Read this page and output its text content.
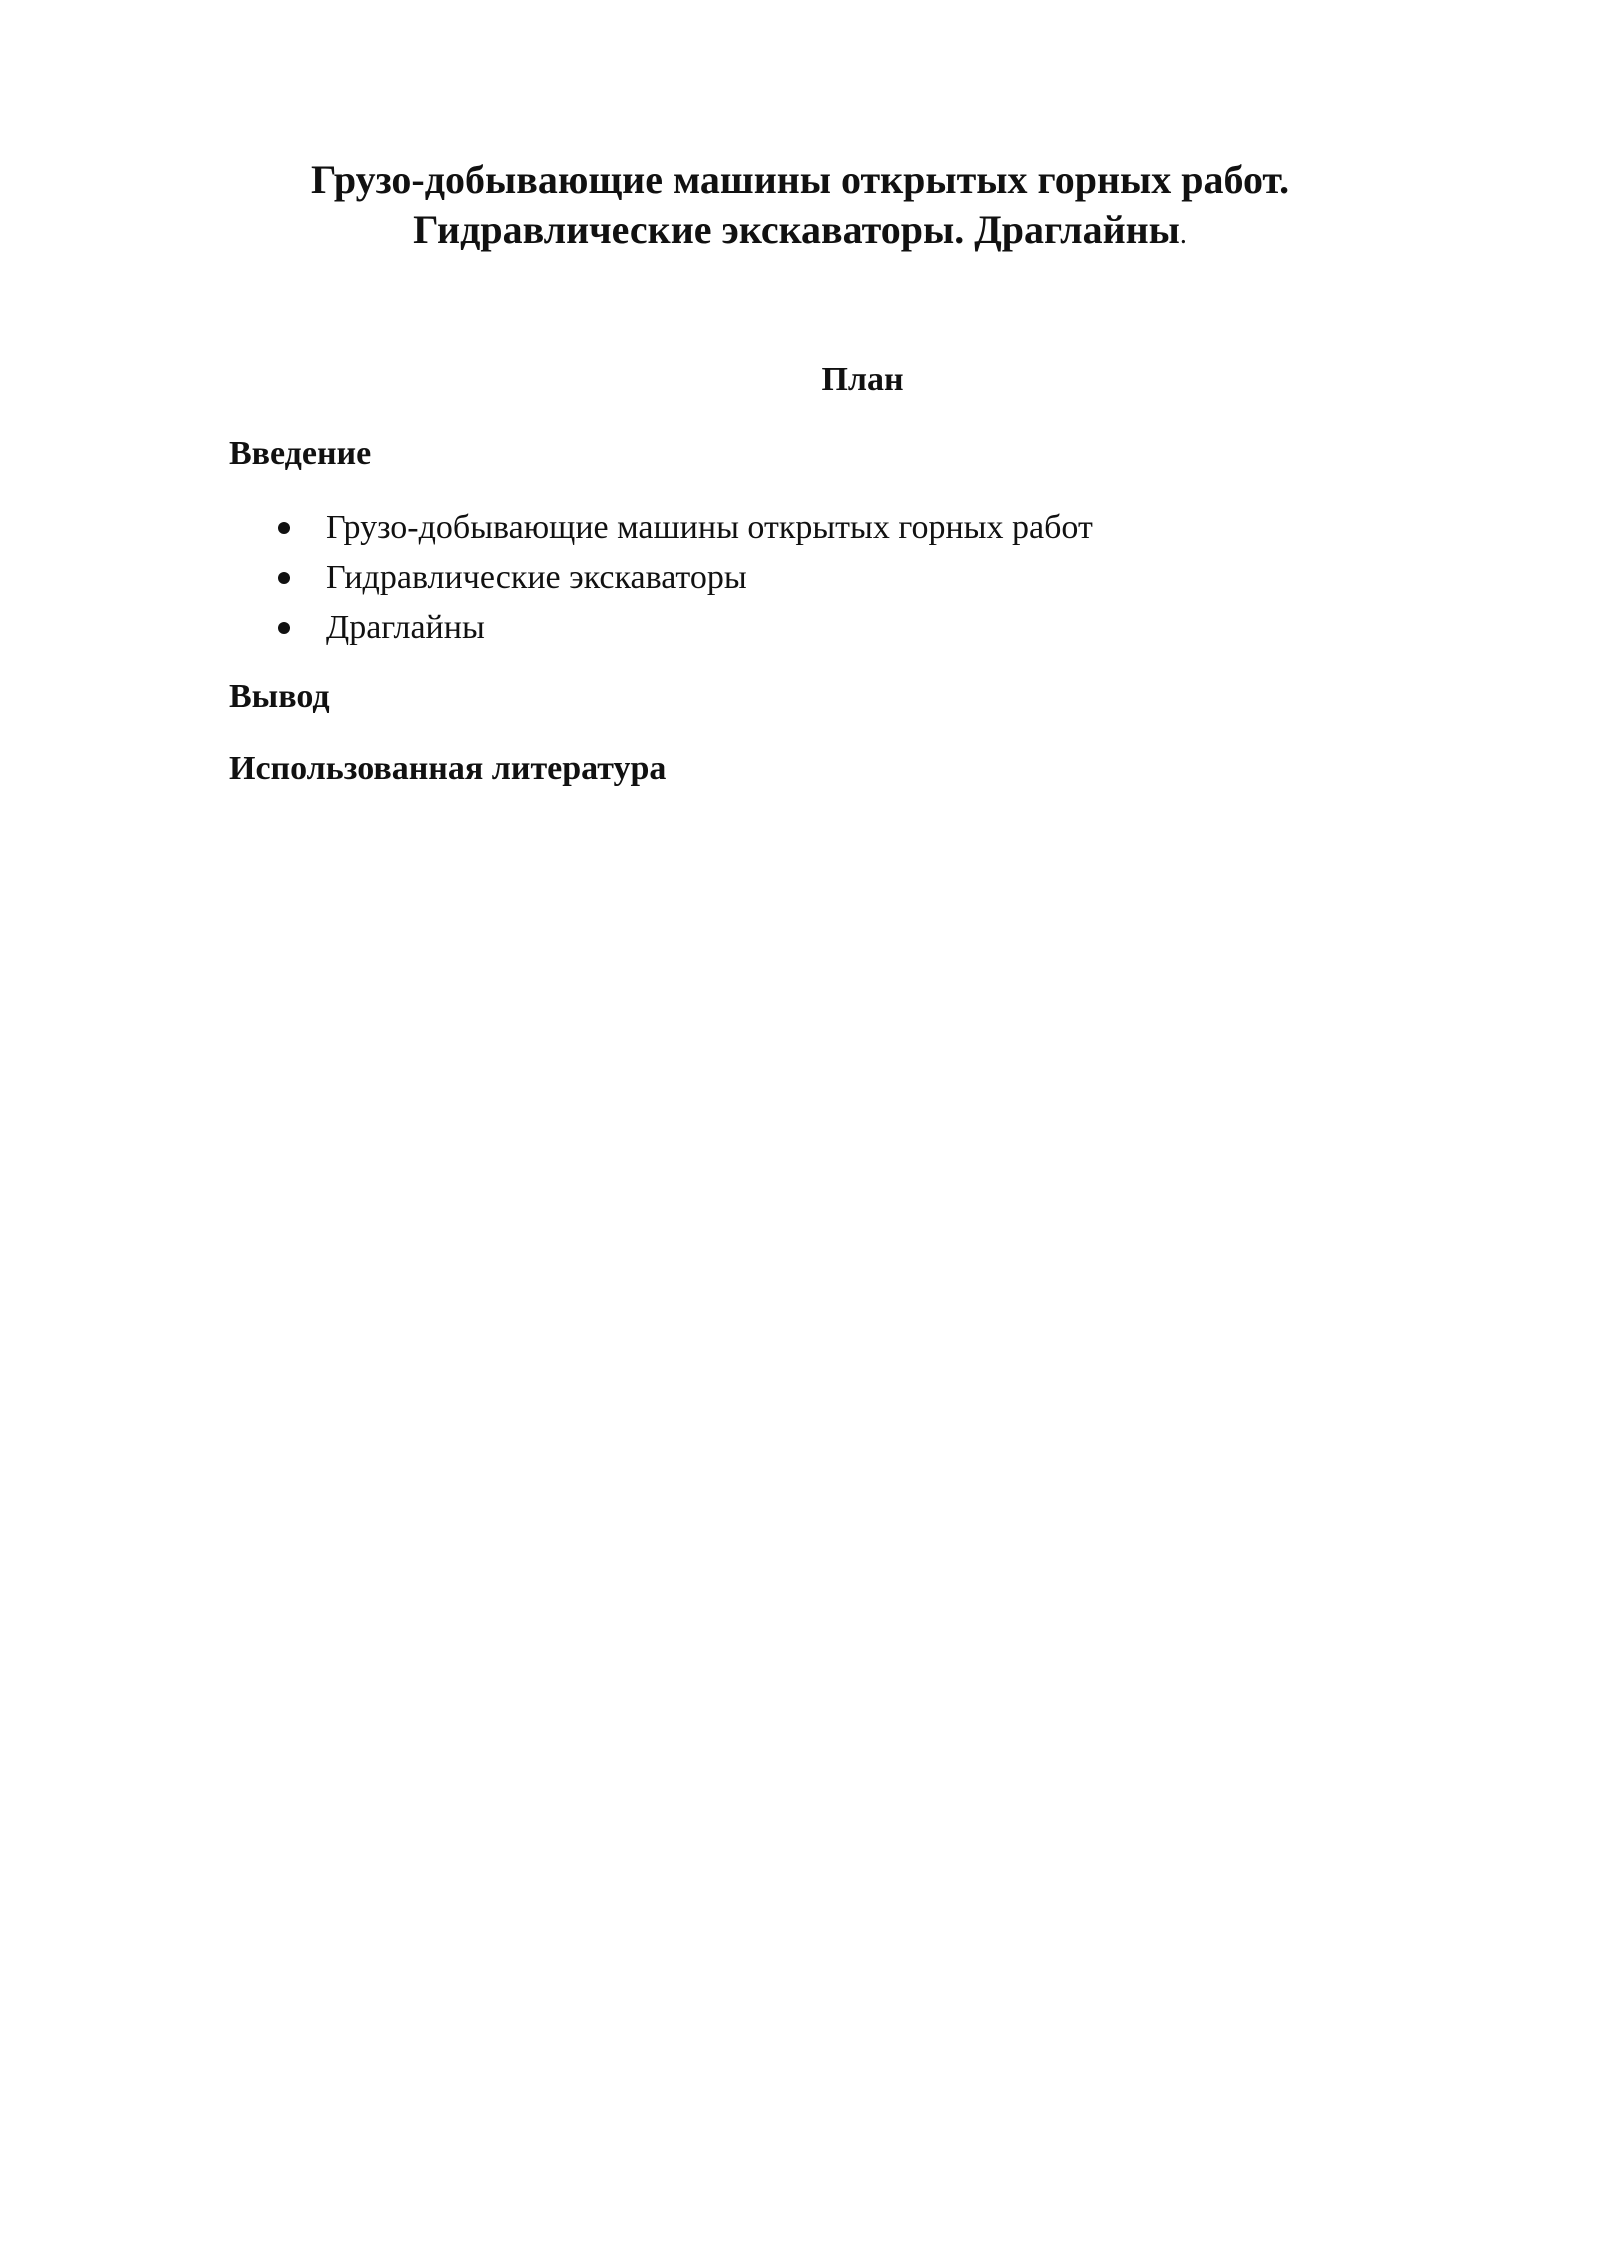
Грузо-добывающие машины открытых горных работ.
Гидравлические экскаваторы. Драглайны.
План
Введение
Грузо-добывающие машины открытых горных работ
Гидравлические экскаваторы
Драглайны
Вывод
Использованная литература
